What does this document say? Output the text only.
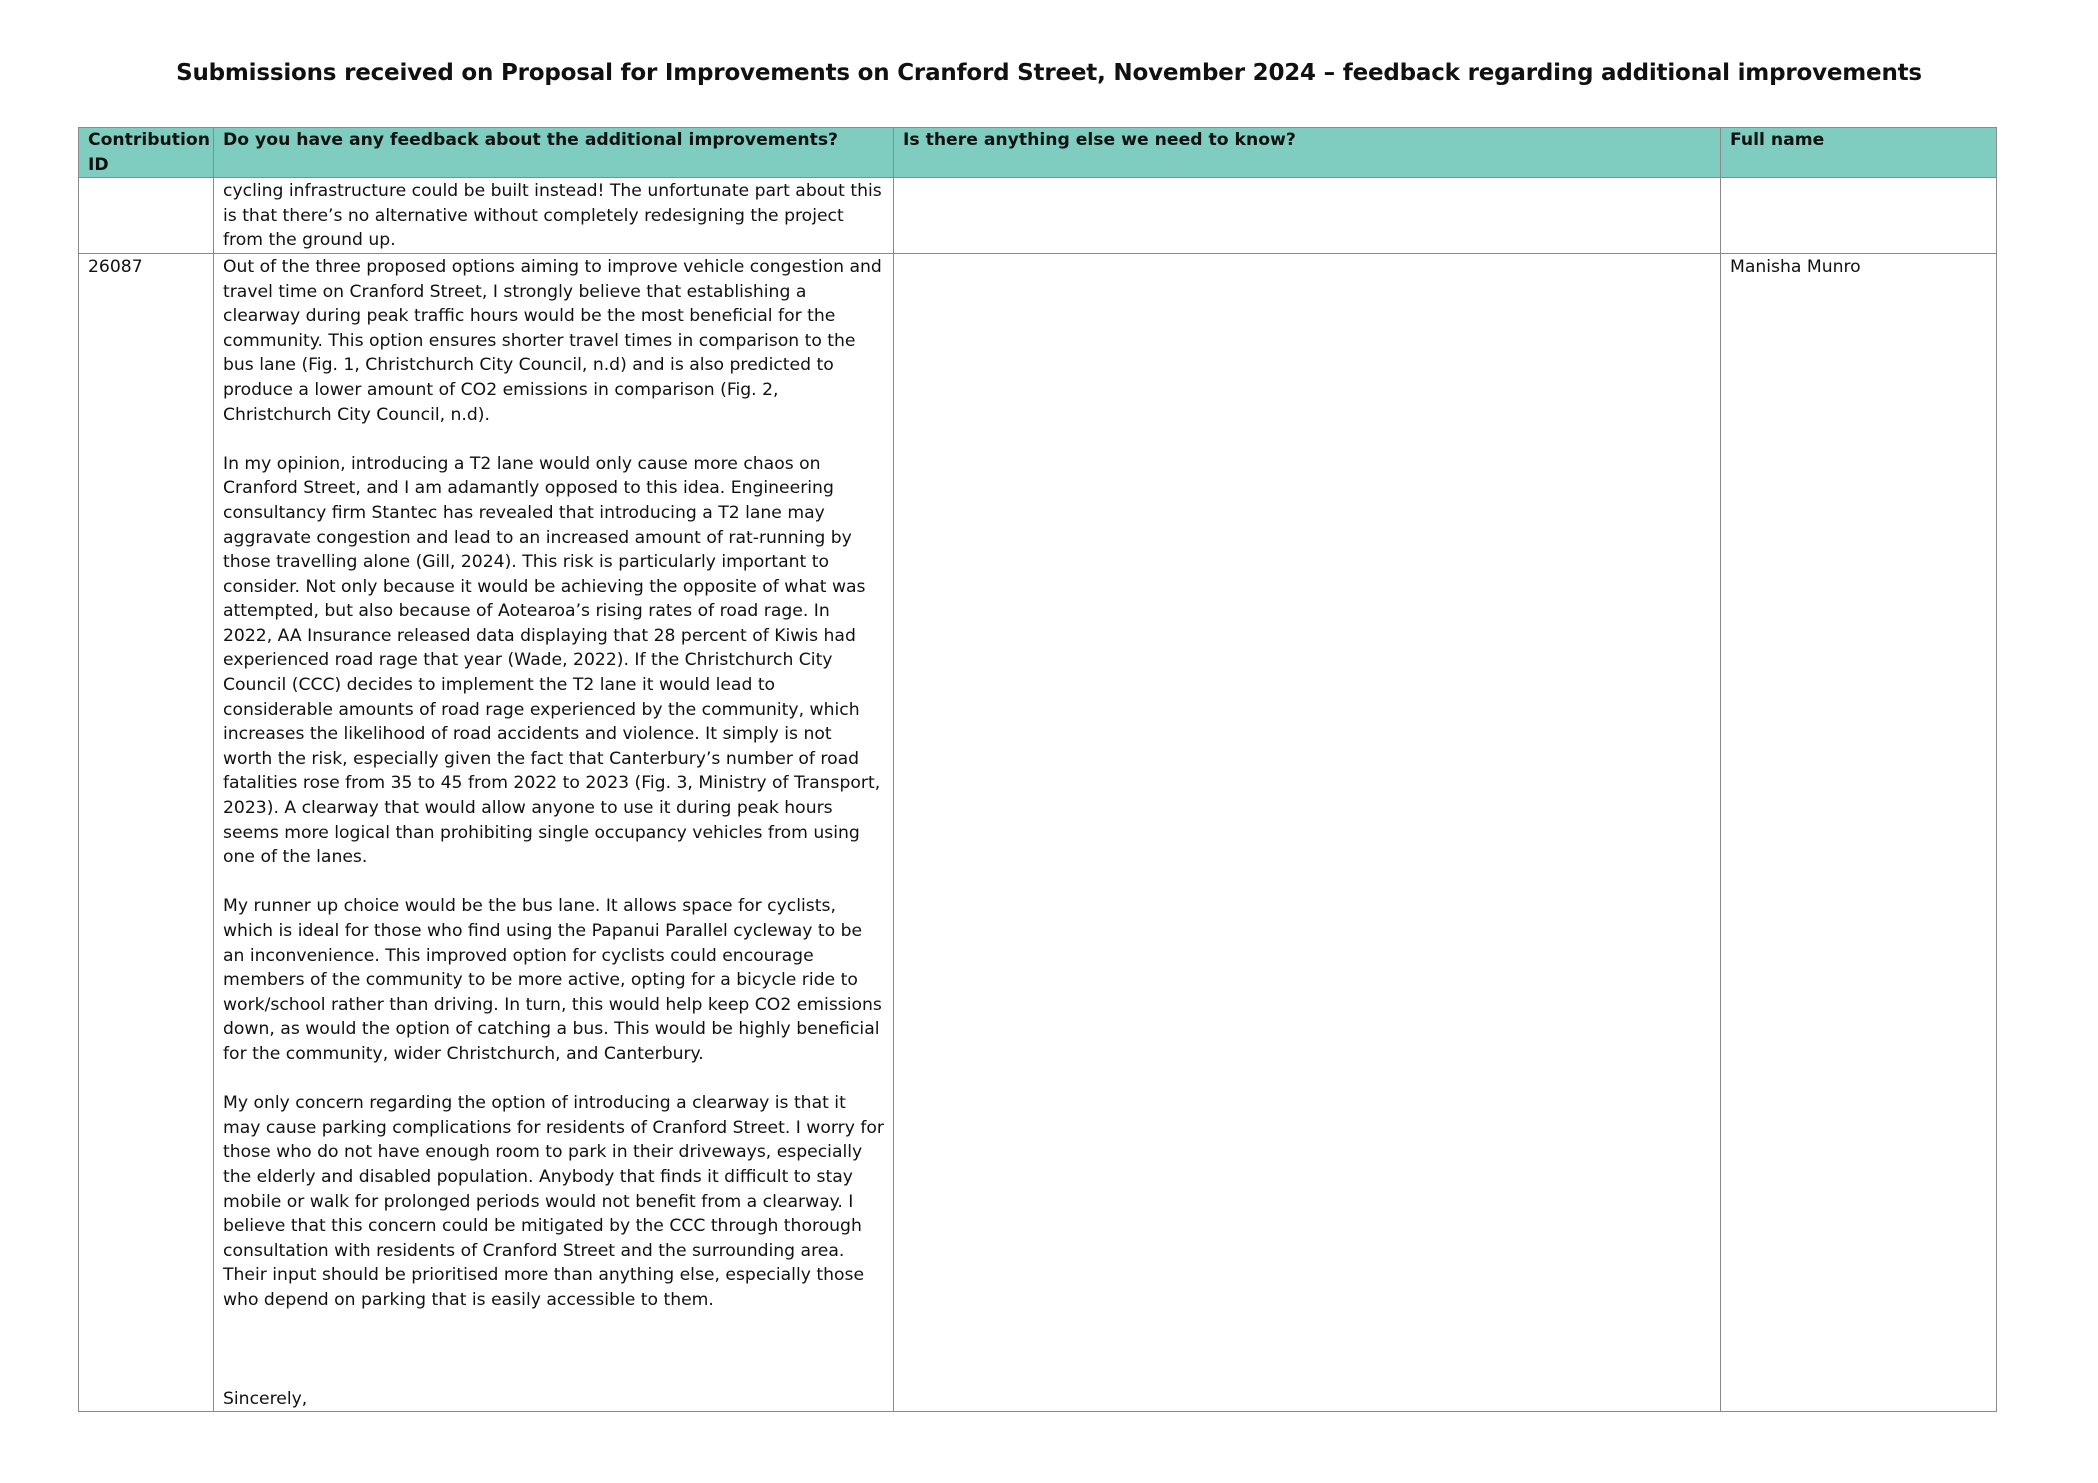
Submissions received on Proposal for Improvements on Cranford Street, November 2024 – feedback regarding additional improvements
Contribution ID	Do you have any feedback about the additional improvements?	Is there anything else we need to know?	Full name
	cycling infrastructure could be built instead! The unfortunate part about this is that there’s no alternative without completely redesigning the project from the ground up.		
26087	Out of the three proposed options aiming to improve vehicle congestion and travel time on Cranford Street, I strongly believe that establishing a clearway during peak traffic hours would be the most beneficial for the community. This option ensures shorter travel times in comparison to the bus lane (Fig. 1, Christchurch City Council, n.d) and is also predicted to produce a lower amount of CO2 emissions in comparison (Fig. 2, Christchurch City Council, n.d).
In my opinion, introducing a T2 lane would only cause more chaos on Cranford Street, and I am adamantly opposed to this idea. Engineering consultancy firm Stantec has revealed that introducing a T2 lane may aggravate congestion and lead to an increased amount of rat-running by those travelling alone (Gill, 2024). This risk is particularly important to consider. Not only because it would be achieving the opposite of what was attempted, but also because of Aotearoa’s rising rates of road rage. In 2022, AA Insurance released data displaying that 28 percent of Kiwis had experienced road rage that year (Wade, 2022). If the Christchurch City Council (CCC) decides to implement the T2 lane it would lead to considerable amounts of road rage experienced by the community, which increases the likelihood of road accidents and violence. It simply is not worth the risk, especially given the fact that Canterbury’s number of road fatalities rose from 35 to 45 from 2022 to 2023 (Fig. 3, Ministry of Transport, 2023). A clearway that would allow anyone to use it during peak hours seems more logical than prohibiting single occupancy vehicles from using one of the lanes.
My runner up choice would be the bus lane. It allows space for cyclists, which is ideal for those who find using the Papanui Parallel cycleway to be an inconvenience. This improved option for cyclists could encourage members of the community to be more active, opting for a bicycle ride to work/school rather than driving. In turn, this would help keep CO2 emissions down, as would the option of catching a bus. This would be highly beneficial for the community, wider Christchurch, and Canterbury.
My only concern regarding the option of introducing a clearway is that it may cause parking complications for residents of Cranford Street. I worry for those who do not have enough room to park in their driveways, especially the elderly and disabled population. Anybody that finds it difficult to stay mobile or walk for prolonged periods would not benefit from a clearway. I believe that this concern could be mitigated by the CCC through thorough consultation with residents of Cranford Street and the surrounding area. Their input should be prioritised more than anything else, especially those who depend on parking that is easily accessible to them.
Sincerely,		Manisha Munro
